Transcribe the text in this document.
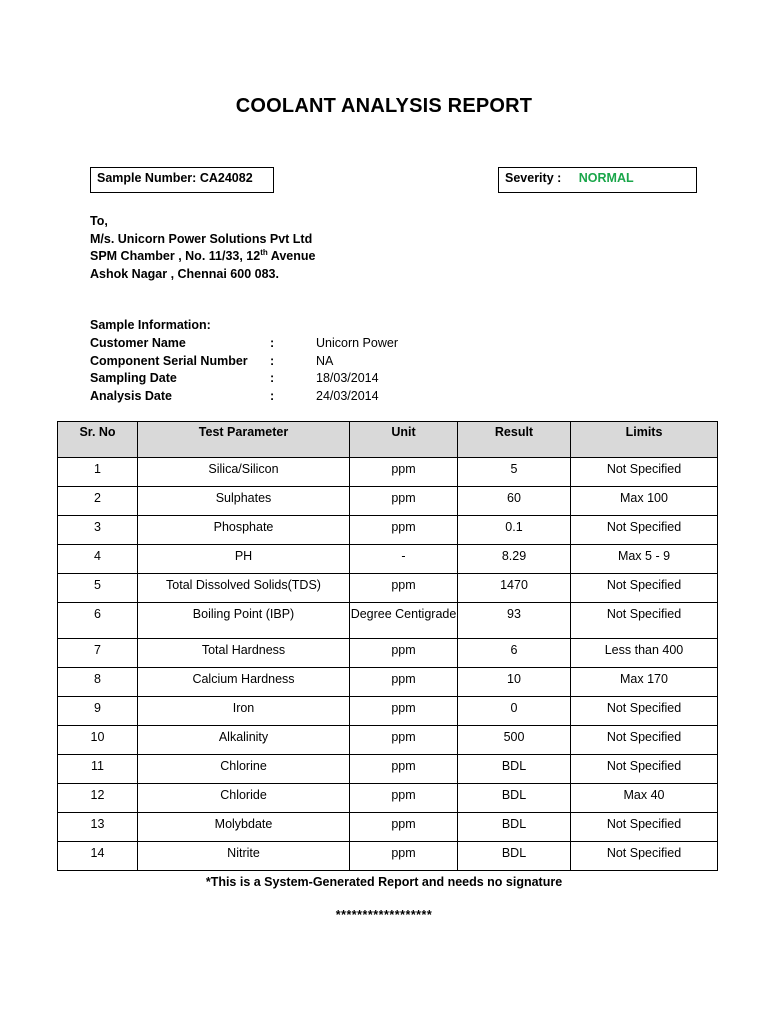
COOLANT ANALYSIS REPORT
Sample Number: CA24082	Severity : NORMAL
To,
M/s. Unicorn Power Solutions Pvt Ltd
SPM Chamber , No. 11/33, 12th Avenue
Ashok Nagar , Chennai 600 083.
Sample Information:
Customer Name	:	Unicorn Power
Component Serial Number :	NA
Sampling Date	:	18/03/2014
Analysis Date	:	24/03/2014
Sr. No	Test Parameter	Unit	Result	Limits
1	Silica/Silicon	ppm	5	Not Specified
2	Sulphates	ppm	60	Max 100
3	Phosphate	ppm	0.1	Not Specified
4	PH	-	8.29	Max 5 - 9
5	Total Dissolved Solids(TDS)	ppm	1470	Not Specified
6	Boiling Point (IBP)	Degree Centigrade	93	Not Specified
7	Total Hardness	ppm	6	Less than 400
8	Calcium Hardness	ppm	10	Max 170
9	Iron	ppm	0	Not Specified
10	Alkalinity	ppm	500	Not Specified
11	Chlorine	ppm	BDL	Not Specified
12	Chloride	ppm	BDL	Max 40
13	Molybdate	ppm	BDL	Not Specified
14	Nitrite	ppm	BDL	Not Specified
*This is a System-Generated Report and needs no signature
******************
